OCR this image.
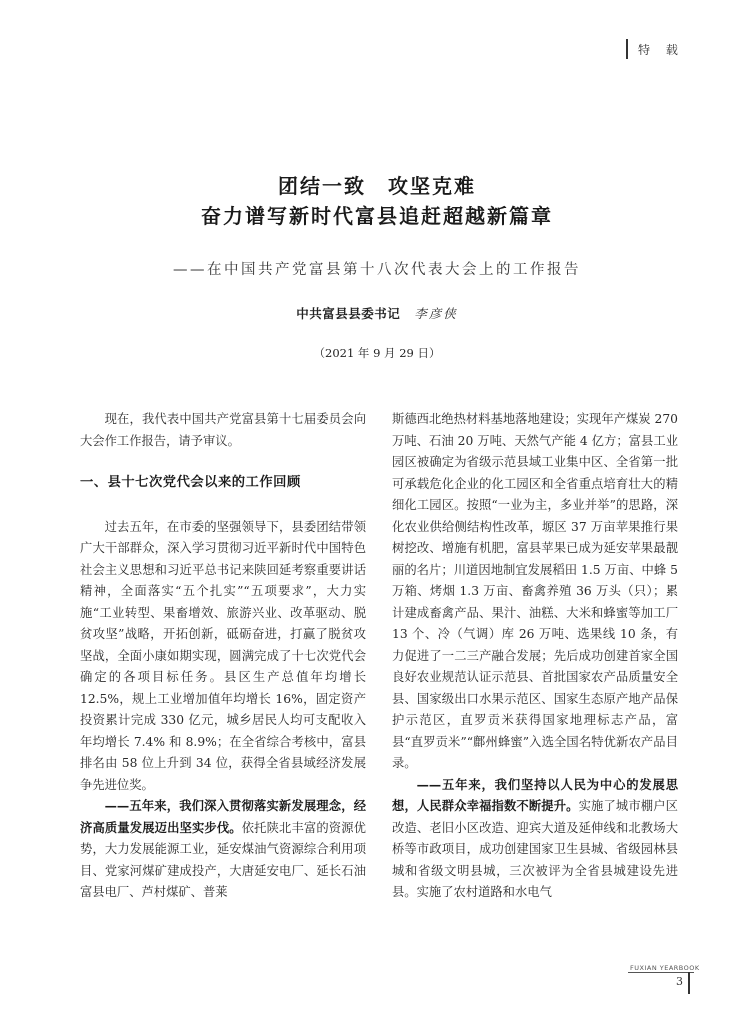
特 载
团结一致　攻坚克难
奋力谱写新时代富县追赶超越新篇章
——在中国共产党富县第十八次代表大会上的工作报告
中共富县县委书记 李彦侠
（2021 年 9 月 29 日）

现在，我代表中国共产党富县第十七届委员会向大会作工作报告，请予审议。

一、县十七次党代会以来的工作回顾

过去五年，在市委的坚强领导下，县委团结带领广大干部群众，深入学习贯彻习近平新时代中国特色社会主义思想和习近平总书记来陕回延考察重要讲话精神，全面落实“五个扎实”“五项要求”，大力实施“工业转型、果畜增效、旅游兴业、改革驱动、脱贫攻坚”战略，开拓创新，砥砺奋进，打赢了脱贫攻坚战，全面小康如期实现，圆满完成了十七次党代会确定的各项目标任务。县区生产总值年均增长 12.5%，规上工业增加值年均增长 16%，固定资产投资累计完成 330 亿元，城乡居民人均可支配收入年均增长 7.4% 和 8.9%；在全省综合考核中，富县排名由 58 位上升到 34 位，获得全省县域经济发展争先进位奖。

——五年来，我们深入贯彻落实新发展理念，经济高质量发展迈出坚实步伐。依托陕北丰富的资源优势，大力发展能源工业，延安煤油气资源综合利用项目、党家河煤矿建成投产，大唐延安电厂、延长石油富县电厂、芦村煤矿、普莱

斯德西北绝热材料基地落地建设；实现年产煤炭 270 万吨、石油 20 万吨、天然气产能 4 亿方；富县工业园区被确定为省级示范县域工业集中区、全省第一批可承载危化企业的化工园区和全省重点培育壮大的精细化工园区。按照“一业为主，多业并举”的思路，深化农业供给侧结构性改革，塬区 37 万亩苹果推行果树挖改、增施有机肥，富县苹果已成为延安苹果最靓丽的名片；川道因地制宜发展稻田 1.5 万亩、中蜂 5 万箱、烤烟 1.3 万亩、畜禽养殖 36 万头（只）；累计建成畜禽产品、果汁、油糕、大米和蜂蜜等加工厂 13 个、冷（气调）库 26 万吨、选果线 10 条，有力促进了一二三产融合发展；先后成功创建首家全国良好农业规范认证示范县、首批国家农产品质量安全县、国家级出口水果示范区、国家生态原产地产品保护示范区，直罗贡米获得国家地理标志产品，富县“直罗贡米”“鄜州蜂蜜”入选全国名特优新农产品目录。

——五年来，我们坚持以人民为中心的发展思想，人民群众幸福指数不断提升。实施了城市棚户区改造、老旧小区改造、迎宾大道及延伸线和北教场大桥等市政项目，成功创建国家卫生县城、省级园林县城和省级文明县城，三次被评为全省县城建设先进县。实施了农村道路和水电气

FUXIAN YEARBOOK
3
